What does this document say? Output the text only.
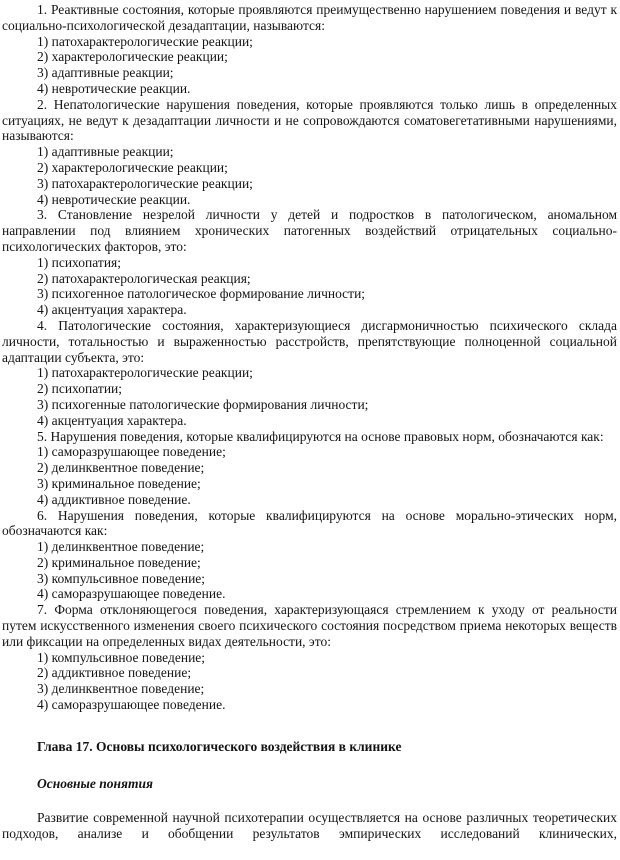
1. Реактивные состояния, которые проявляются преимущественно нарушением поведения и ведут к социально-психологической дезадаптации, называются:

1) патохарактерологические реакции;

2) характерологические реакции;

3) адаптивные реакции;

4) невротические реакции.

2. Непатологические нарушения поведения, которые проявляются только лишь в определенных ситуациях, не ведут к дезадаптации личности и не сопровождаются соматовегетативными нарушениями, называются:

1) адаптивные реакции;

2) характерологические реакции;

3) патохарактерологические реакции;

4) невротические реакции.

3. Становление незрелой личности у детей и подростков в патологическом, аномальном направлении под влиянием хронических патогенных воздействий отрицательных социально-психологических факторов, это:

1) психопатия;

2) патохарактерологическая реакция;

3) психогенное патологическое формирование личности;

4) акцентуация характера.

4. Патологические состояния, характеризующиеся дисгармоничностью психического склада личности, тотальностью и выраженностью расстройств, препятствующие полноценной социальной адаптации субъекта, это:

1) патохарактерологические реакции;

2) психопатии;

3) психогенные патологические формирования личности;

4) акцентуация характера.

5. Нарушения поведения, которые квалифицируются на основе правовых норм, обозначаются как:

1) саморазрушающее поведение;

2) делинквентное поведение;

3) криминальное поведение;

4) аддиктивное поведение.

6. Нарушения поведения, которые квалифицируются на основе морально-этических норм, обозначаются как:

1) делинквентное поведение;

2) криминальное поведение;

3) компульсивное поведение;

4) саморазрушающее поведение.

7. Форма отклоняющегося поведения, характеризующаяся стремлением к уходу от реальности путем искусственного изменения своего психического состояния посредством приема некоторых веществ или фиксации на определенных видах деятельности, это:

1) компульсивное поведение;

2) аддиктивное поведение;

3) делинквентное поведение;

4) саморазрушающее поведение.

Глава 17. Основы психологического воздействия в клинике

Основные понятия

Развитие современной научной психотерапии осуществляется на основе различных теоретических подходов, анализе и обобщении результатов эмпирических исследований клинических,
